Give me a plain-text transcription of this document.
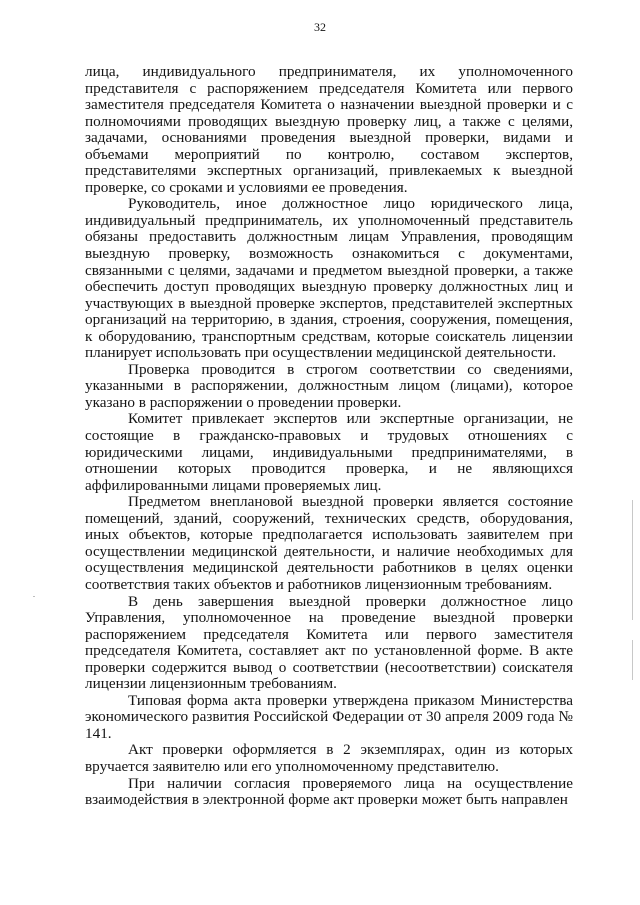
32

лица, индивидуального предпринимателя, их уполномоченного представителя с распоряжением председателя Комитета или первого заместителя председателя Комитета о назначении выездной проверки и с полномочиями проводящих выездную проверку лиц, а также с целями, задачами, основаниями проведения выездной проверки, видами и объемами мероприятий по контролю, составом экспертов, представителями экспертных организаций, привлекаемых к выездной проверке, со сроками и условиями ее проведения.

Руководитель, иное должностное лицо юридического лица, индивидуальный предприниматель, их уполномоченный представитель обязаны предоставить должностным лицам Управления, проводящим выездную проверку, возможность ознакомиться с документами, связанными с целями, задачами и предметом выездной проверки, а также обеспечить доступ проводящих выездную проверку должностных лиц и участвующих в выездной проверке экспертов, представителей экспертных организаций на территорию, в здания, строения, сооружения, помещения, к оборудованию, транспортным средствам, которые соискатель лицензии планирует использовать при осуществлении медицинской деятельности.

Проверка проводится в строгом соответствии со сведениями, указанными в распоряжении, должностным лицом (лицами), которое указано в распоряжении о проведении проверки.

Комитет привлекает экспертов или экспертные организации, не состоящие в гражданско-правовых и трудовых отношениях с юридическими лицами, индивидуальными предпринимателями, в отношении которых проводится проверка, и не являющихся аффилированными лицами проверяемых лиц.

Предметом внеплановой выездной проверки является состояние помещений, зданий, сооружений, технических средств, оборудования, иных объектов, которые предполагается использовать заявителем при осуществлении медицинской деятельности, и наличие необходимых для осуществления медицинской деятельности работников в целях оценки соответствия таких объектов и работников лицензионным требованиям.

В день завершения выездной проверки должностное лицо Управления, уполномоченное на проведение выездной проверки распоряжением председателя Комитета или первого заместителя председателя Комитета, составляет акт по установленной форме. В акте проверки содержится вывод о соответствии (несоответствии) соискателя лицензии лицензионным требованиям.

Типовая форма акта проверки утверждена приказом Министерства экономического развития Российской Федерации от 30 апреля 2009 года № 141.

Акт проверки оформляется в 2 экземплярах, один из которых вручается заявителю или его уполномоченному представителю.

При наличии согласия проверяемого лица на осуществление взаимодействия в электронной форме акт проверки может быть направлен
